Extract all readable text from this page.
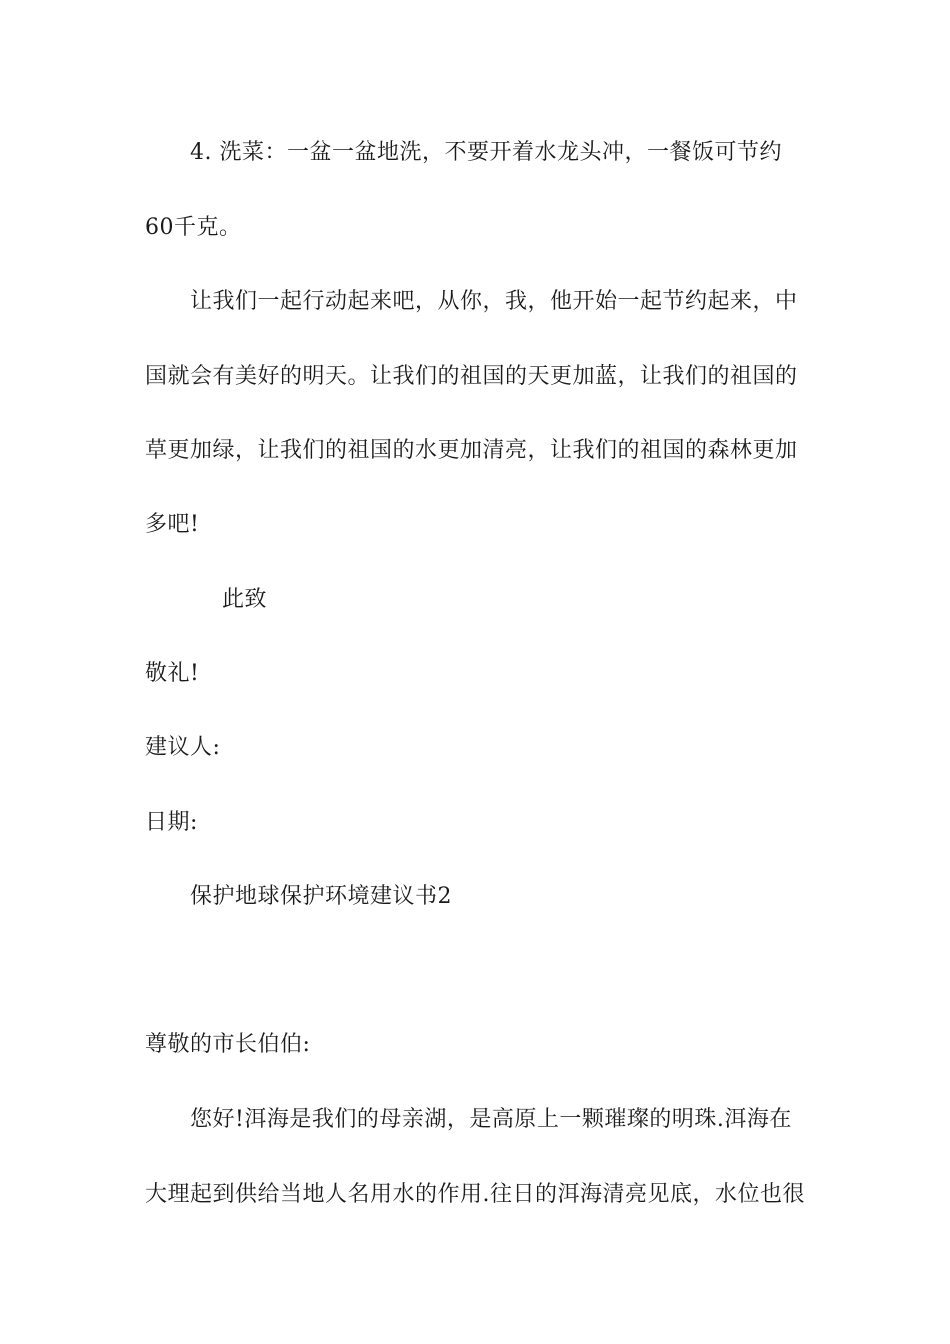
4. 洗菜：一盆一盆地洗，不要开着水龙头冲，一餐饭可节约
60千克。
让我们一起行动起来吧，从你，我，他开始一起节约起来，中
国就会有美好的明天。让我们的祖国的天更加蓝，让我们的祖国的
草更加绿，让我们的祖国的水更加清亮，让我们的祖国的森林更加
多吧!
此致
敬礼!
建议人:
日期:
保护地球保护环境建议书2
尊敬的市长伯伯:
您好!洱海是我们的母亲湖，是高原上一颗璀璨的明珠.洱海在
大理起到供给当地人名用水的作用.往日的洱海清亮见底，水位也很
